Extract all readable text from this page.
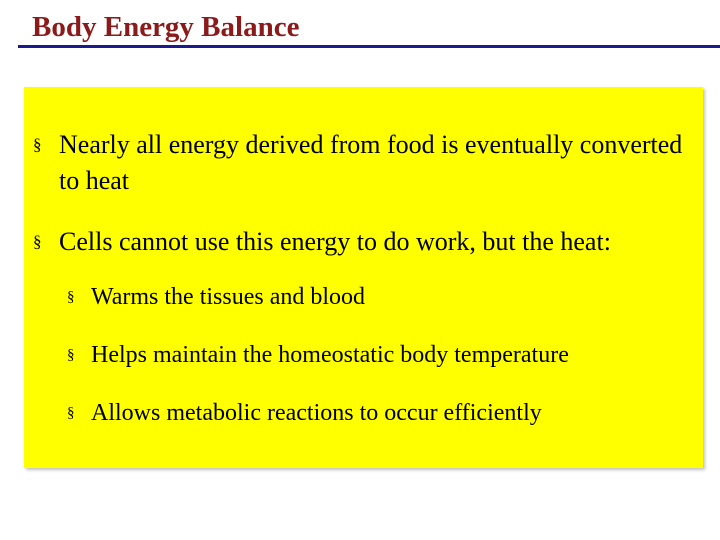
Body Energy Balance
§ Nearly all energy derived from food is eventually converted to heat
§ Cells cannot use this energy to do work, but the heat:
§ Warms the tissues and blood
§ Helps maintain the homeostatic body temperature
§ Allows metabolic reactions to occur efficiently
